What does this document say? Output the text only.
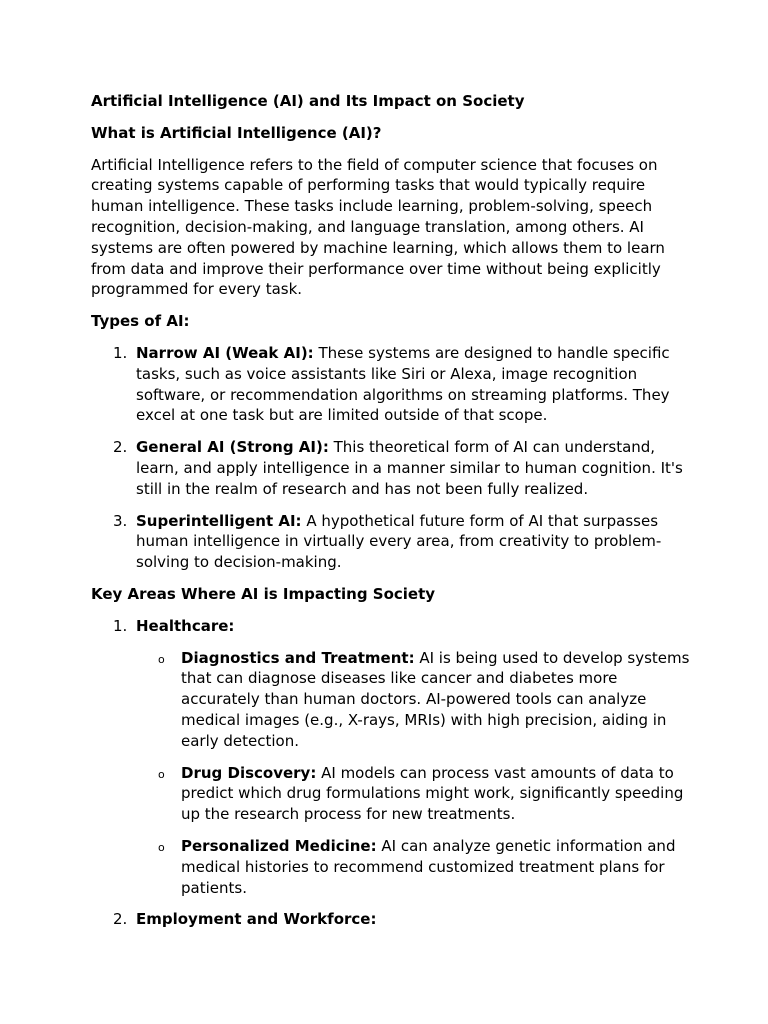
Artificial Intelligence (AI) and Its Impact on Society
What is Artificial Intelligence (AI)?

Artificial Intelligence refers to the field of computer science that focuses on creating systems capable of performing tasks that would typically require human intelligence. These tasks include learning, problem-solving, speech recognition, decision-making, and language translation, among others. AI systems are often powered by machine learning, which allows them to learn from data and improve their performance over time without being explicitly programmed for every task.

Types of AI:
1. Narrow AI (Weak AI): These systems are designed to handle specific tasks, such as voice assistants like Siri or Alexa, image recognition software, or recommendation algorithms on streaming platforms. They excel at one task but are limited outside of that scope.
2. General AI (Strong AI): This theoretical form of AI can understand, learn, and apply intelligence in a manner similar to human cognition. It's still in the realm of research and has not been fully realized.
3. Superintelligent AI: A hypothetical future form of AI that surpasses human intelligence in virtually every area, from creativity to problem-solving to decision-making.
Key Areas Where AI is Impacting Society
1. Healthcare:
o Diagnostics and Treatment: AI is being used to develop systems that can diagnose diseases like cancer and diabetes more accurately than human doctors. AI-powered tools can analyze medical images (e.g., X-rays, MRIs) with high precision, aiding in early detection.
o Drug Discovery: AI models can process vast amounts of data to predict which drug formulations might work, significantly speeding up the research process for new treatments.
o Personalized Medicine: AI can analyze genetic information and medical histories to recommend customized treatment plans for patients.
2. Employment and Workforce:
